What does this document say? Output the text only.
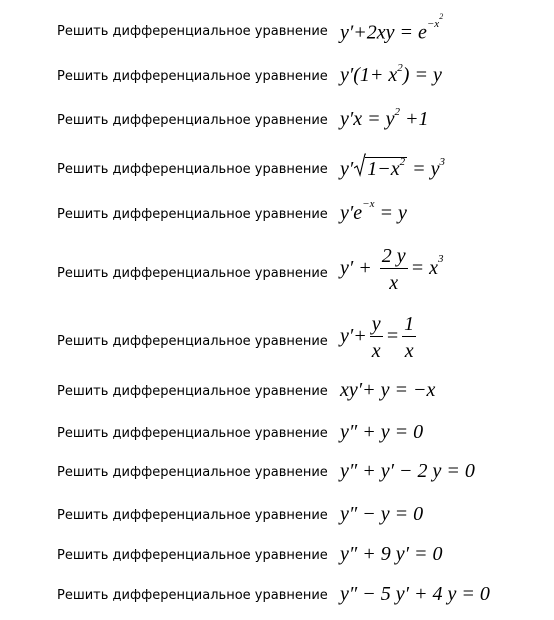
Решить дифференциальное уравнение $y'+2xy = e^{-x^2}$
Решить дифференциальное уравнение $y'(1+ x^2) = y$
Решить дифференциальное уравнение $y'x = y^2 +1$
Решить дифференциальное уравнение y′ $1-x^2 = y^3$
Решить дифференциальное уравнение $y'e^{-x} = y$
Решить дифференциальное уравнение $y' + \frac{2 y}{x} = x^3$
Решить дифференциальное уравнение $y'+ \frac{y}{x} = \frac{1}{x}$
Решить дифференциальное уравнение xy′+ y = −x
Решить дифференциальное уравнение y″ + y = 0
Решить дифференциальное уравнение y″ + y′ − 2 y = 0
Решить дифференциальное уравнение y″ − y = 0
Решить дифференциальное уравнение y″ + 9 y′ = 0
Решить дифференциальное уравнение y″ − 5 y′ + 4 y = 0
